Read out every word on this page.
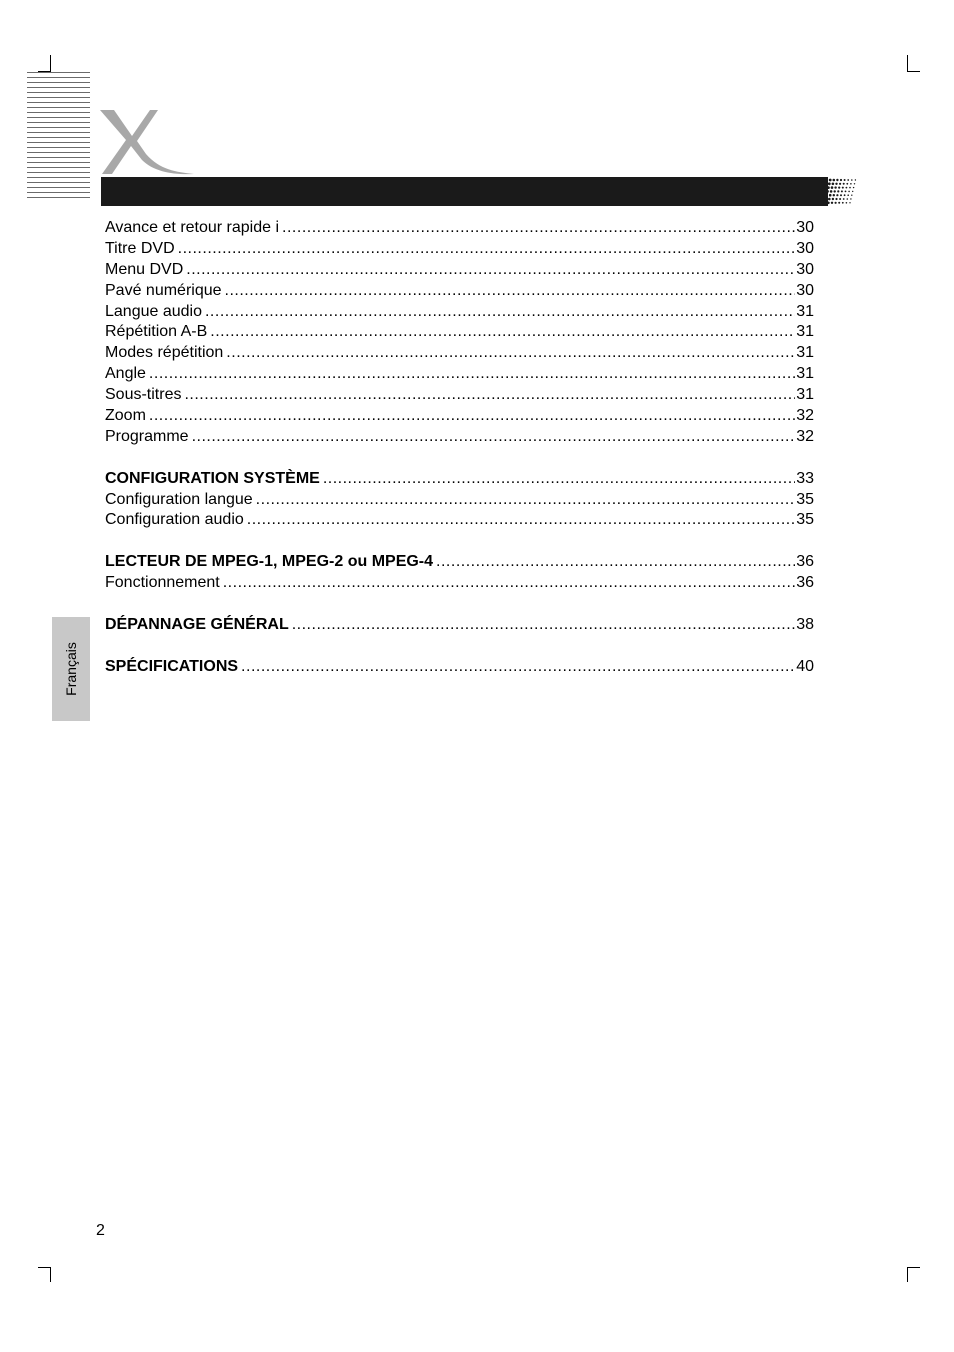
Avance et retour rapide i .....	30
Titre DVD .....	30
Menu DVD .....	30
Pavé numérique .....	30
Langue audio .....	31
Répétition A-B .....	31
Modes répétition .....	31
Angle .....	31
Sous-titres .....	31
Zoom .....	32
Programme .....	32
CONFIGURATION SYSTÈME .....	33
Configuration langue .....	35
Configuration audio .....	35
LECTEUR DE MPEG-1, MPEG-2 ou MPEG-4 .....	36
Fonctionnement .....	36
DÉPANNAGE GÉNÉRAL .....	38
SPÉCIFICATIONS .....	40
Français
2
